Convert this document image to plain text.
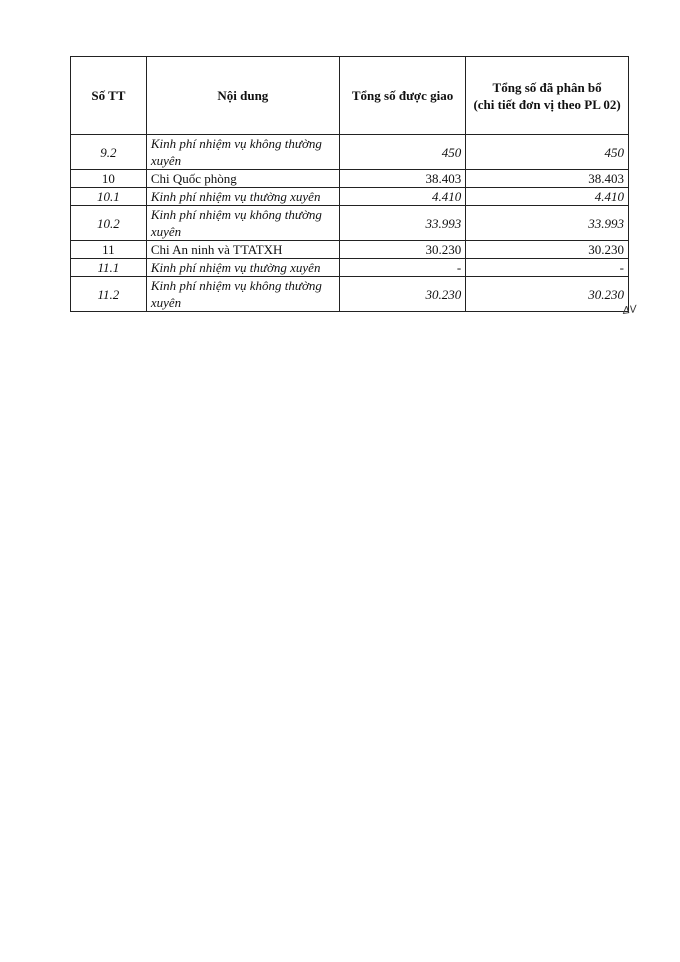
Số TT	Nội dung	Tổng số được giao	Tổng số đã phân bổ
(chi tiết đơn vị theo PL 02)

9.2	Kinh phí nhiệm vụ không thường xuyên	450	450
10	Chi Quốc phòng	38.403	38.403
10.1	Kinh phí nhiệm vụ thường xuyên	4.410	4.410
10.2	Kinh phí nhiệm vụ không thường xuyên	33.993	33.993
11	Chi An ninh và TTATXH	30.230	30.230
11.1	Kinh phí nhiệm vụ thường xuyên	-	-
11.2	Kinh phí nhiệm vụ không thường xuyên	30.230	30.230
ΔV
